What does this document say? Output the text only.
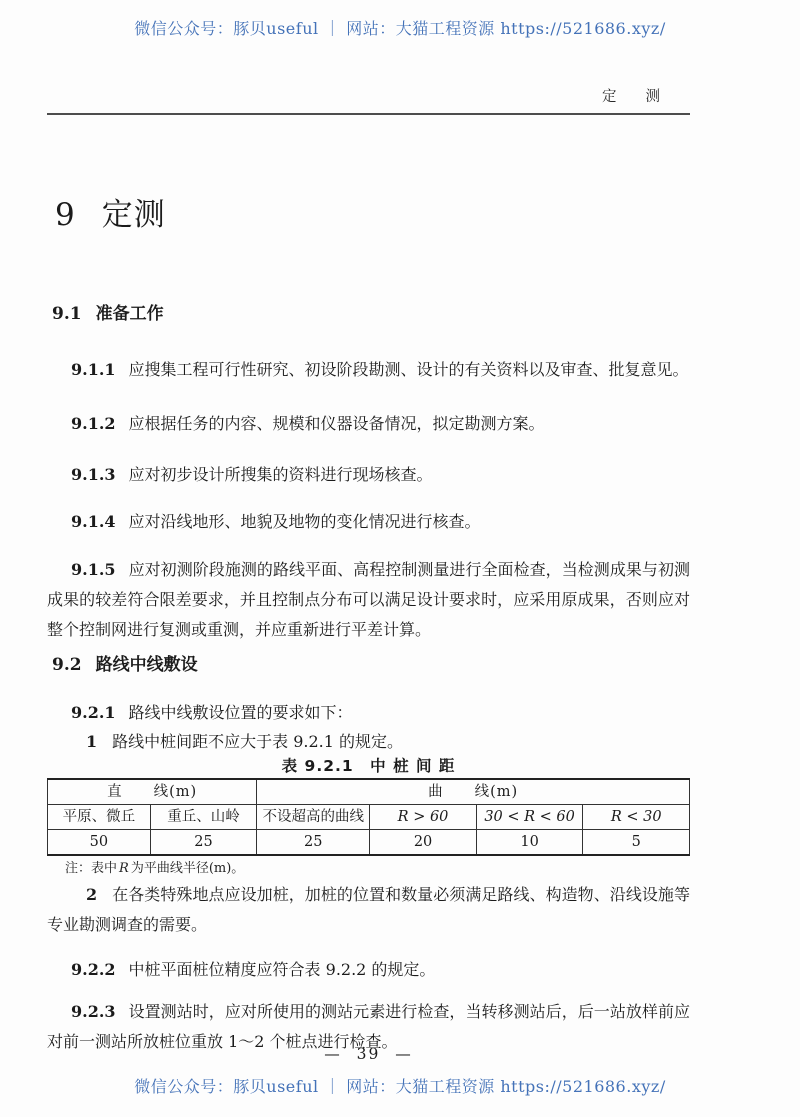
微信公众号：豚贝useful ｜ 网站：大猫工程资源 https://521686.xyz/
定　　测
9 定测
9.1 准备工作

9.1.1 应搜集工程可行性研究、初设阶段勘测、设计的有关资料以及审查、批复意见。

9.1.2 应根据任务的内容、规模和仪器设备情况，拟定勘测方案。

9.1.3 应对初步设计所搜集的资料进行现场核查。

9.1.4 应对沿线地形、地貌及地物的变化情况进行核查。

9.1.5 应对初测阶段施测的路线平面、高程控制测量进行全面检查，当检测成果与初测成果的较差符合限差要求，并且控制点分布可以满足设计要求时，应采用原成果，否则应对整个控制网进行复测或重测，并应重新进行平差计算。

9.2 路线中线敷设

9.2.1 路线中线敷设位置的要求如下：

1 路线中桩间距不应大于表 9.2.1 的规定。

表 9.2.1　中 桩 间 距

直　　线(m)		曲　　线(m)			
平原、微丘	重丘、山岭	不设超高的曲线	R > 60	30 < R < 60	R < 30
50	25	25	20	10	5

注：表中 R 为平曲线半径(m)。

2 在各类特殊地点应设加桩，加桩的位置和数量必须满足路线、构造物、沿线设施等专业勘测调查的需要。

9.2.2 中桩平面桩位精度应符合表 9.2.2 的规定。

9.2.3 设置测站时，应对所使用的测站元素进行检查，当转移测站后，后一站放样前应对前一测站所放桩位重放 1～2 个桩点进行检查。

— 39 —
微信公众号：豚贝useful ｜ 网站：大猫工程资源 https://521686.xyz/
